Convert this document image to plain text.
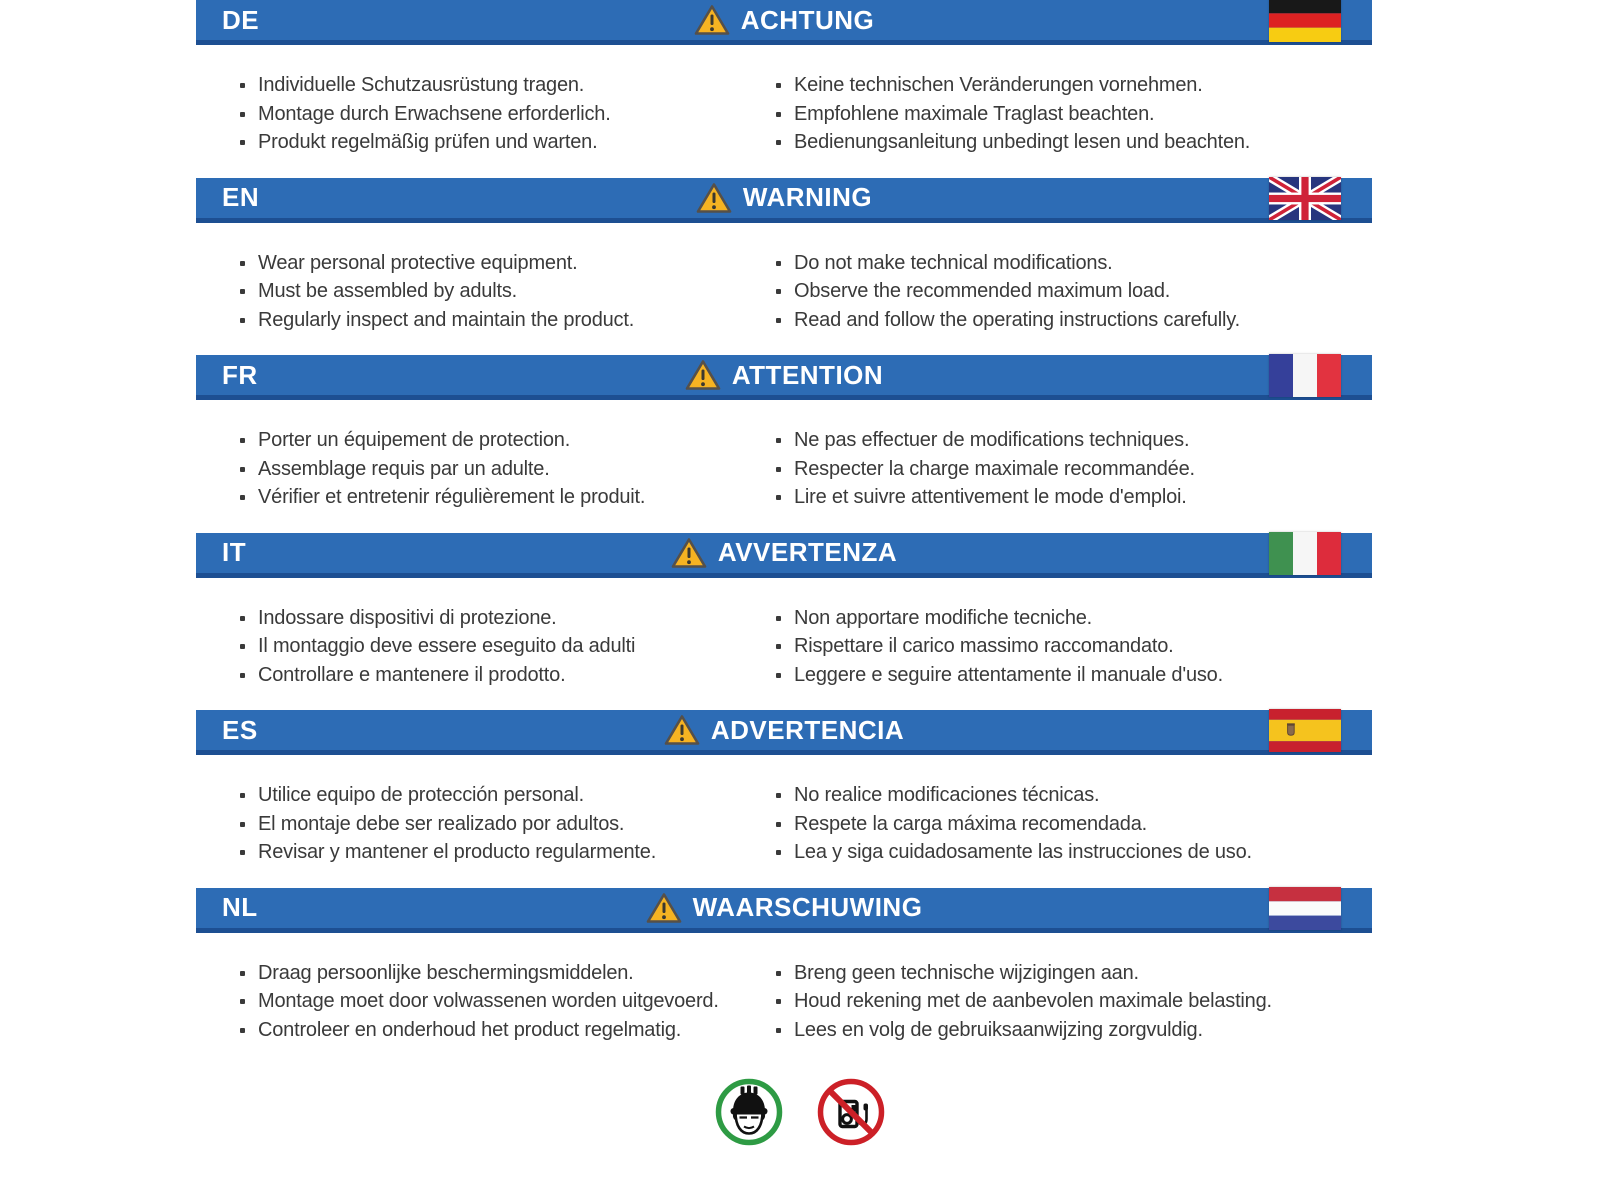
DE	ACHTUNG
Individuelle Schutzausrüstung tragen.
Montage durch Erwachsene erforderlich.
Produkt regelmäßig prüfen und warten.
Keine technischen Veränderungen vornehmen.
Empfohlene maximale Traglast beachten.
Bedienungsanleitung unbedingt lesen und beachten.
EN	WARNING
Wear personal protective equipment.
Must be assembled by adults.
Regularly inspect and maintain the product.
Do not make technical modifications.
Observe the recommended maximum load.
Read and follow the operating instructions carefully.
FR	ATTENTION
Porter un équipement de protection.
Assemblage requis par un adulte.
Vérifier et entretenir régulièrement le produit.
Ne pas effectuer de modifications techniques.
Respecter la charge maximale recommandée.
Lire et suivre attentivement le mode d'emploi.
IT	AVVERTENZA
Indossare dispositivi di protezione.
Il montaggio deve essere eseguito da adulti
Controllare e mantenere il prodotto.
Non apportare modifiche tecniche.
Rispettare il carico massimo raccomandato.
Leggere e seguire attentamente il manuale d'uso.
ES	ADVERTENCIA
Utilice equipo de protección personal.
El montaje debe ser realizado por adultos.
Revisar y mantener el producto regularmente.
No realice modificaciones técnicas.
Respete la carga máxima recomendada.
Lea y siga cuidadosamente las instrucciones de uso.
NL	WAARSCHUWING
Draag persoonlijke beschermingsmiddelen.
Montage moet door volwassenen worden uitgevoerd.
Controleer en onderhoud het product regelmatig.
Breng geen technische wijzigingen aan.
Houd rekening met de aanbevolen maximale belasting.
Lees en volg de gebruiksaanwijzing zorgvuldig.
